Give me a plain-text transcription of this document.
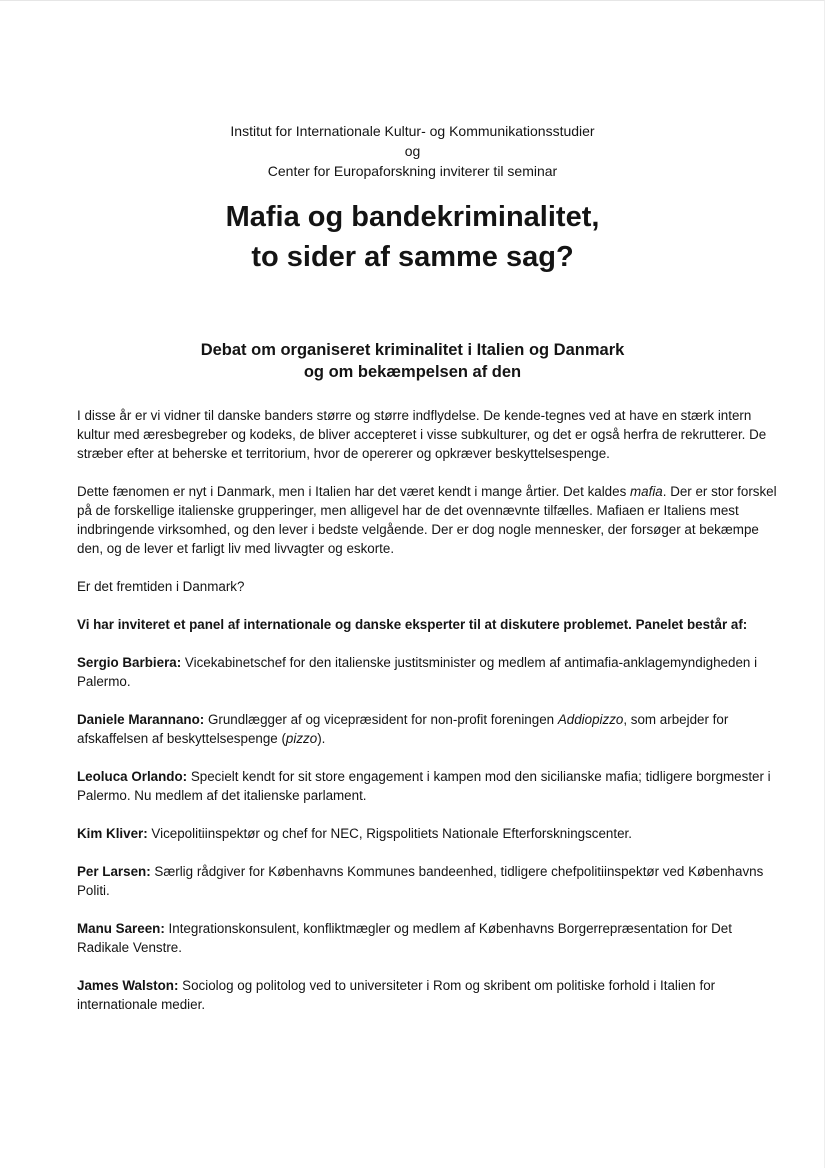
Institut for Internationale Kultur- og Kommunikationsstudier
og
Center for Europaforskning inviterer til seminar
Mafia og bandekriminalitet,
to sider af samme sag?
Debat om organiseret kriminalitet i Italien og Danmark
og om bekæmpelsen af den

I disse år er vi vidner til danske banders større og større indflydelse. De kende-tegnes ved at have en stærk intern kultur med æresbegreber og kodeks, de bliver accepteret i visse subkulturer, og det er også herfra de rekrutterer. De stræber efter at beherske et territorium, hvor de opererer og opkræver beskyttelsespenge.

Dette fænomen er nyt i Danmark, men i Italien har det været kendt i mange årtier. Det kaldes mafia. Der er stor forskel på de forskellige italienske grupperinger, men alligevel har de det ovennævnte tilfælles. Mafiaen er Italiens mest indbringende virksomhed, og den lever i bedste velgående. Der er dog nogle mennesker, der forsøger at bekæmpe den, og de lever et farligt liv med livvagter og eskorte.

Er det fremtiden i Danmark?

Vi har inviteret et panel af internationale og danske eksperter til at diskutere problemet. Panelet består af:

Sergio Barbiera: Vicekabinetschef for den italienske justitsminister og medlem af antimafia-anklagemyndigheden i Palermo.

Daniele Marannano: Grundlægger af og vicepræsident for non-profit foreningen Addiopizzo, som arbejder for afskaffelsen af beskyttelsespenge (pizzo).

Leoluca Orlando: Specielt kendt for sit store engagement i kampen mod den sicilianske mafia; tidligere borgmester i Palermo. Nu medlem af det italienske parlament.

Kim Kliver: Vicepolitiinspektør og chef for NEC, Rigspolitiets Nationale Efterforskningscenter.

Per Larsen: Særlig rådgiver for Københavns Kommunes bandeenhed, tidligere chefpolitiinspektør ved Københavns Politi.

Manu Sareen: Integrationskonsulent, konfliktmægler og medlem af Københavns Borgerrepræsentation for Det Radikale Venstre.

James Walston: Sociolog og politolog ved to universiteter i Rom og skribent om politiske forhold i Italien for internationale medier.
